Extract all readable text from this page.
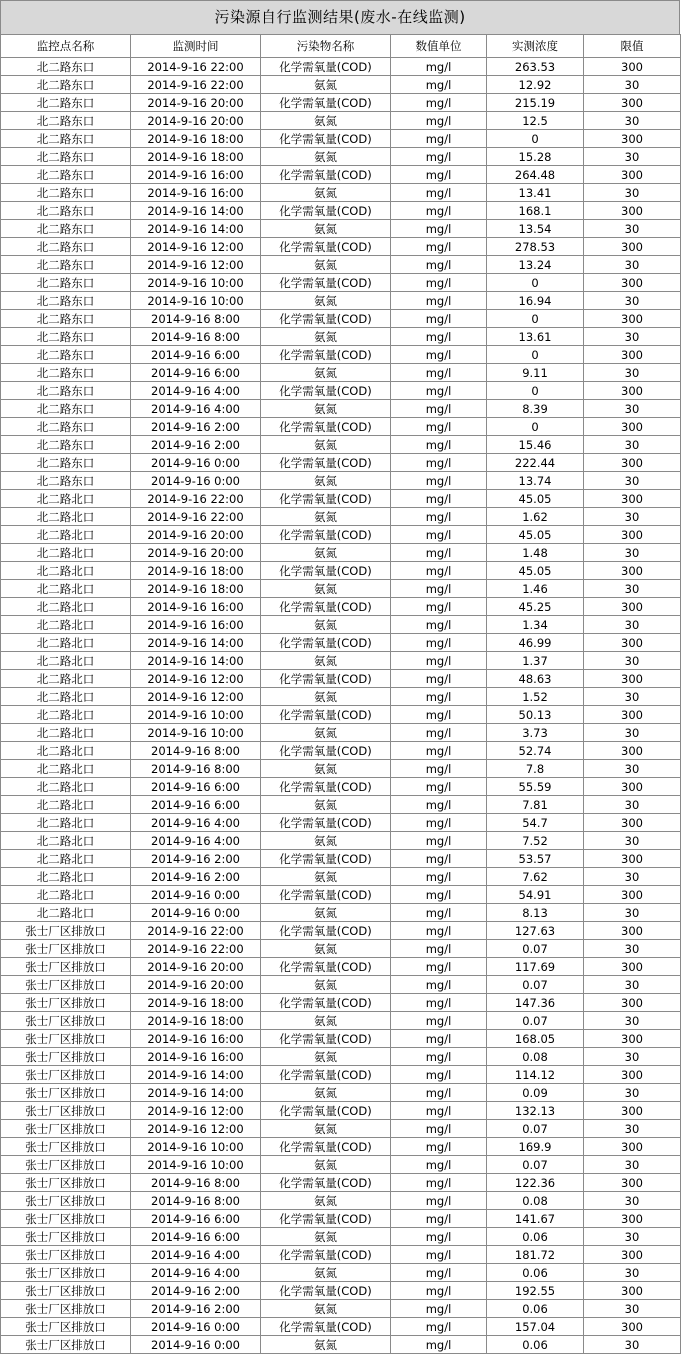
污染源自行监测结果(废水-在线监测)
监控点名称	监测时间	污染物名称	数值单位	实测浓度	限值
北二路东口	2014-9-16 22:00	化学需氧量(COD)	mg/l	263.53	300
北二路东口	2014-9-16 22:00	氨氮	mg/l	12.92	30
北二路东口	2014-9-16 20:00	化学需氧量(COD)	mg/l	215.19	300
北二路东口	2014-9-16 20:00	氨氮	mg/l	12.5	30
北二路东口	2014-9-16 18:00	化学需氧量(COD)	mg/l	0	300
北二路东口	2014-9-16 18:00	氨氮	mg/l	15.28	30
北二路东口	2014-9-16 16:00	化学需氧量(COD)	mg/l	264.48	300
北二路东口	2014-9-16 16:00	氨氮	mg/l	13.41	30
北二路东口	2014-9-16 14:00	化学需氧量(COD)	mg/l	168.1	300
北二路东口	2014-9-16 14:00	氨氮	mg/l	13.54	30
北二路东口	2014-9-16 12:00	化学需氧量(COD)	mg/l	278.53	300
北二路东口	2014-9-16 12:00	氨氮	mg/l	13.24	30
北二路东口	2014-9-16 10:00	化学需氧量(COD)	mg/l	0	300
北二路东口	2014-9-16 10:00	氨氮	mg/l	16.94	30
北二路东口	2014-9-16 8:00	化学需氧量(COD)	mg/l	0	300
北二路东口	2014-9-16 8:00	氨氮	mg/l	13.61	30
北二路东口	2014-9-16 6:00	化学需氧量(COD)	mg/l	0	300
北二路东口	2014-9-16 6:00	氨氮	mg/l	9.11	30
北二路东口	2014-9-16 4:00	化学需氧量(COD)	mg/l	0	300
北二路东口	2014-9-16 4:00	氨氮	mg/l	8.39	30
北二路东口	2014-9-16 2:00	化学需氧量(COD)	mg/l	0	300
北二路东口	2014-9-16 2:00	氨氮	mg/l	15.46	30
北二路东口	2014-9-16 0:00	化学需氧量(COD)	mg/l	222.44	300
北二路东口	2014-9-16 0:00	氨氮	mg/l	13.74	30
北二路北口	2014-9-16 22:00	化学需氧量(COD)	mg/l	45.05	300
北二路北口	2014-9-16 22:00	氨氮	mg/l	1.62	30
北二路北口	2014-9-16 20:00	化学需氧量(COD)	mg/l	45.05	300
北二路北口	2014-9-16 20:00	氨氮	mg/l	1.48	30
北二路北口	2014-9-16 18:00	化学需氧量(COD)	mg/l	45.05	300
北二路北口	2014-9-16 18:00	氨氮	mg/l	1.46	30
北二路北口	2014-9-16 16:00	化学需氧量(COD)	mg/l	45.25	300
北二路北口	2014-9-16 16:00	氨氮	mg/l	1.34	30
北二路北口	2014-9-16 14:00	化学需氧量(COD)	mg/l	46.99	300
北二路北口	2014-9-16 14:00	氨氮	mg/l	1.37	30
北二路北口	2014-9-16 12:00	化学需氧量(COD)	mg/l	48.63	300
北二路北口	2014-9-16 12:00	氨氮	mg/l	1.52	30
北二路北口	2014-9-16 10:00	化学需氧量(COD)	mg/l	50.13	300
北二路北口	2014-9-16 10:00	氨氮	mg/l	3.73	30
北二路北口	2014-9-16 8:00	化学需氧量(COD)	mg/l	52.74	300
北二路北口	2014-9-16 8:00	氨氮	mg/l	7.8	30
北二路北口	2014-9-16 6:00	化学需氧量(COD)	mg/l	55.59	300
北二路北口	2014-9-16 6:00	氨氮	mg/l	7.81	30
北二路北口	2014-9-16 4:00	化学需氧量(COD)	mg/l	54.7	300
北二路北口	2014-9-16 4:00	氨氮	mg/l	7.52	30
北二路北口	2014-9-16 2:00	化学需氧量(COD)	mg/l	53.57	300
北二路北口	2014-9-16 2:00	氨氮	mg/l	7.62	30
北二路北口	2014-9-16 0:00	化学需氧量(COD)	mg/l	54.91	300
北二路北口	2014-9-16 0:00	氨氮	mg/l	8.13	30
张士厂区排放口	2014-9-16 22:00	化学需氧量(COD)	mg/l	127.63	300
张士厂区排放口	2014-9-16 22:00	氨氮	mg/l	0.07	30
张士厂区排放口	2014-9-16 20:00	化学需氧量(COD)	mg/l	117.69	300
张士厂区排放口	2014-9-16 20:00	氨氮	mg/l	0.07	30
张士厂区排放口	2014-9-16 18:00	化学需氧量(COD)	mg/l	147.36	300
张士厂区排放口	2014-9-16 18:00	氨氮	mg/l	0.07	30
张士厂区排放口	2014-9-16 16:00	化学需氧量(COD)	mg/l	168.05	300
张士厂区排放口	2014-9-16 16:00	氨氮	mg/l	0.08	30
张士厂区排放口	2014-9-16 14:00	化学需氧量(COD)	mg/l	114.12	300
张士厂区排放口	2014-9-16 14:00	氨氮	mg/l	0.09	30
张士厂区排放口	2014-9-16 12:00	化学需氧量(COD)	mg/l	132.13	300
张士厂区排放口	2014-9-16 12:00	氨氮	mg/l	0.07	30
张士厂区排放口	2014-9-16 10:00	化学需氧量(COD)	mg/l	169.9	300
张士厂区排放口	2014-9-16 10:00	氨氮	mg/l	0.07	30
张士厂区排放口	2014-9-16 8:00	化学需氧量(COD)	mg/l	122.36	300
张士厂区排放口	2014-9-16 8:00	氨氮	mg/l	0.08	30
张士厂区排放口	2014-9-16 6:00	化学需氧量(COD)	mg/l	141.67	300
张士厂区排放口	2014-9-16 6:00	氨氮	mg/l	0.06	30
张士厂区排放口	2014-9-16 4:00	化学需氧量(COD)	mg/l	181.72	300
张士厂区排放口	2014-9-16 4:00	氨氮	mg/l	0.06	30
张士厂区排放口	2014-9-16 2:00	化学需氧量(COD)	mg/l	192.55	300
张士厂区排放口	2014-9-16 2:00	氨氮	mg/l	0.06	30
张士厂区排放口	2014-9-16 0:00	化学需氧量(COD)	mg/l	157.04	300
张士厂区排放口	2014-9-16 0:00	氨氮	mg/l	0.06	30
